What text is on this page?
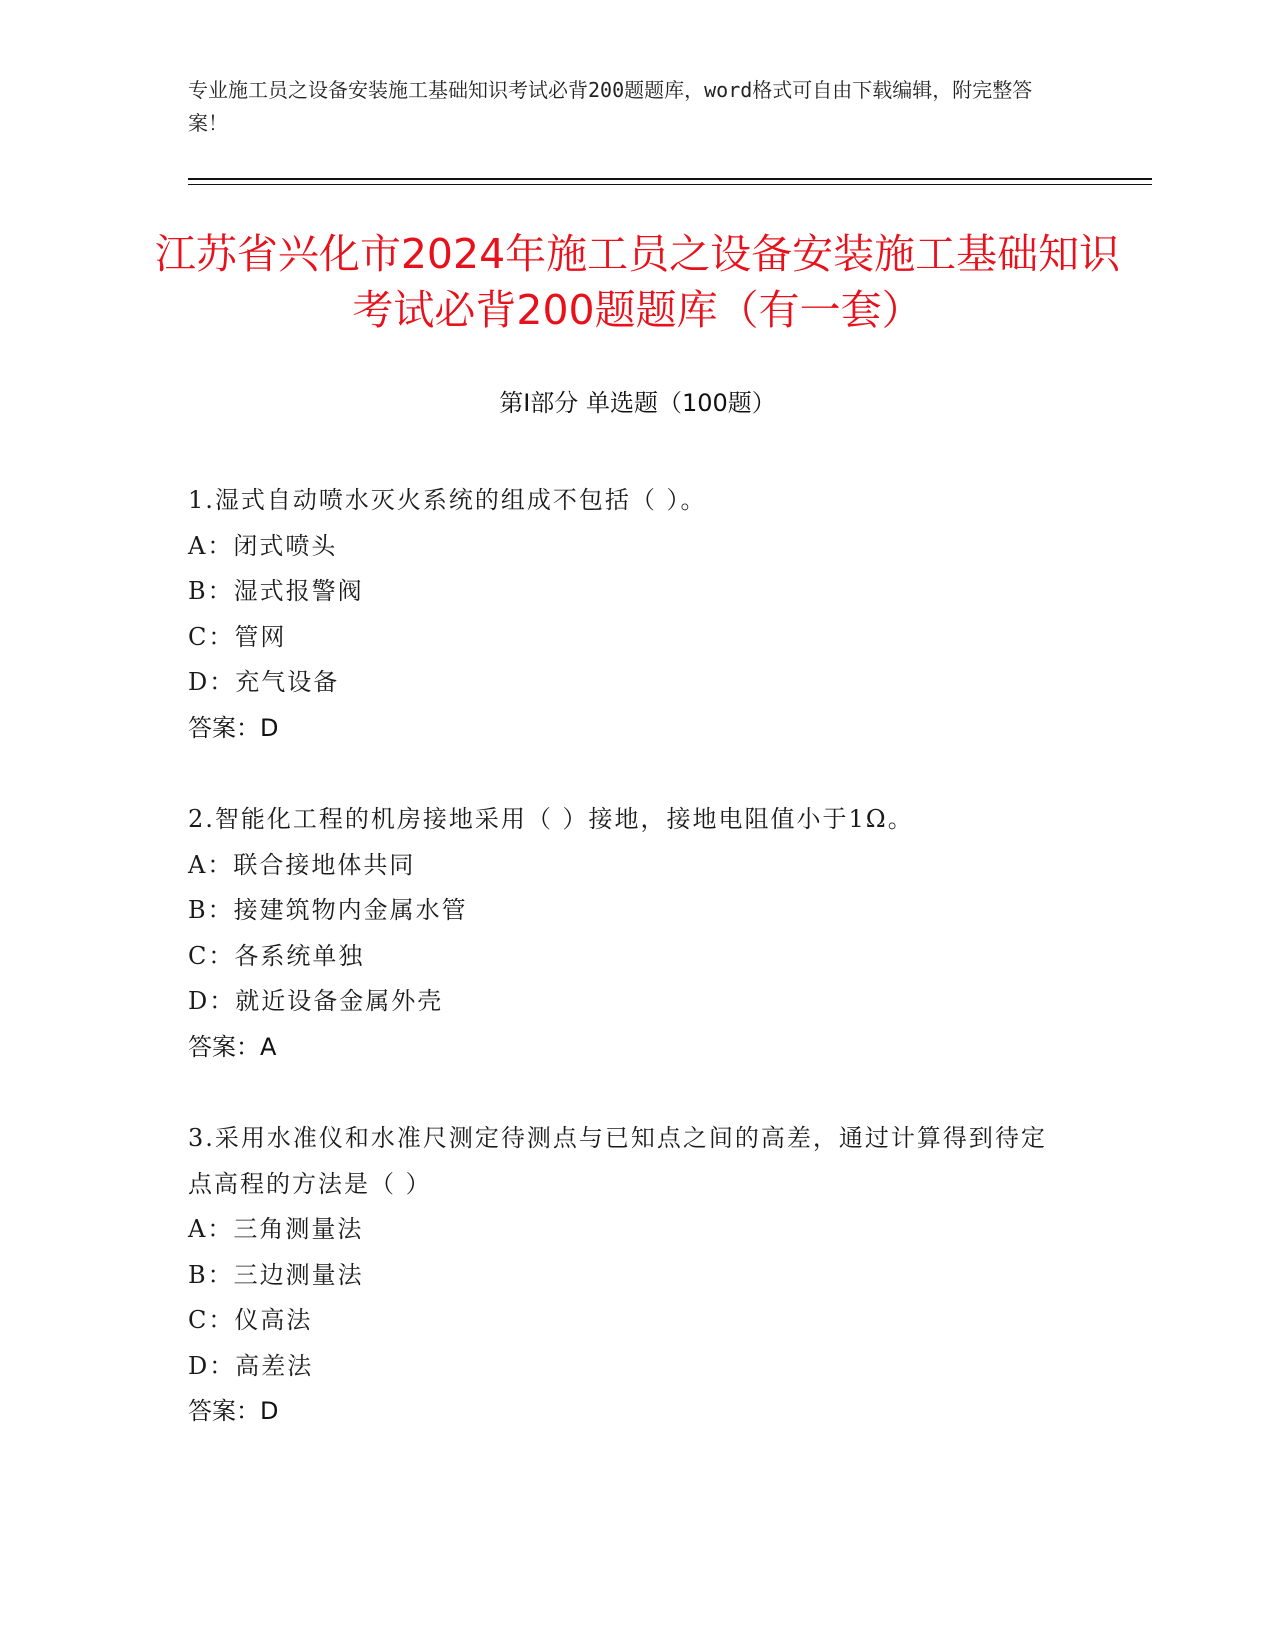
专业施工员之设备安装施工基础知识考试必背200题题库，word格式可自由下载编辑，附完整答案！
江苏省兴化市2024年施工员之设备安装施工基础知识考试必背200题题库（有一套）
第Ⅰ部分 单选题（100题）
1.湿式自动喷水灭火系统的组成不包括（ ）。
A：闭式喷头
B：湿式报警阀
C：管网
D：充气设备
答案：D
2.智能化工程的机房接地采用（ ）接地，接地电阻值小于1Ω。
A：联合接地体共同
B：接建筑物内金属水管
C：各系统单独
D：就近设备金属外壳
答案：A
3.采用水准仪和水准尺测定待测点与已知点之间的高差，通过计算得到待定点高程的方法是（ ）
A：三角测量法
B：三边测量法
C：仪高法
D：高差法
答案：D
